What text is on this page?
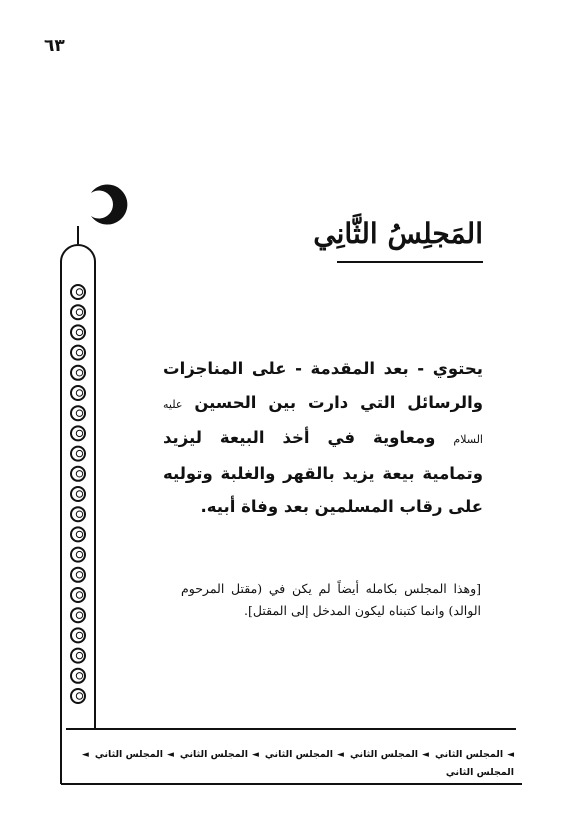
٦٣
المَجلِسُ الثَّانِي

يحتوي - بعد المقدمة - على المناجزات والرسائل التي دارت بين الحسين عليه السلام ومعاوية في أخذ البيعة ليزيد وتمامية بيعة يزيد بالقهر والغلبة وتوليه على رقاب المسلمين بعد وفاة أبيه.

[وهذا المجلس بكامله أيضاً لم يكن في (مقتل المرحوم الوالد) وانما كتبناه ليكون المدخل إلى المقتل].

◄
المجلس الثاني
◄
المجلس الثاني
◄
المجلس الثاني
◄
المجلس الثاني
◄
المجلس الثاني
◄
المجلس الثاني
